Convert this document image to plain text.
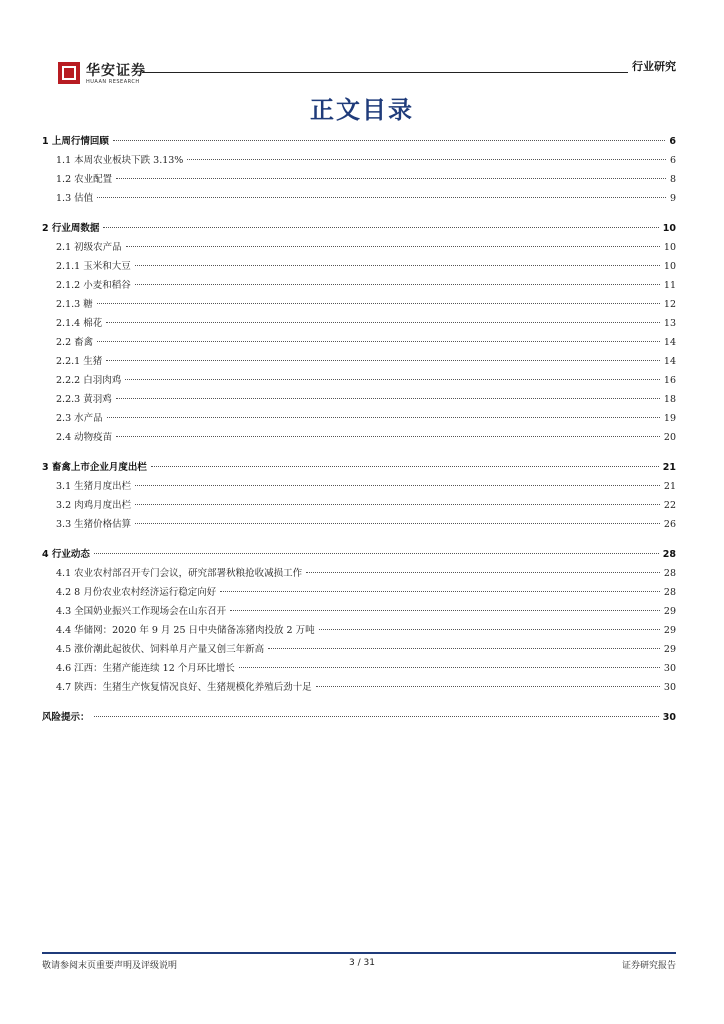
华安证券
HUAAN RESEARCH
行业研究
正文目录
1 上周行情回顾	6
1.1 本周农业板块下跌 3.13%	6
1.2 农业配置	8
1.3 估值	9
2 行业周数据	10
2.1 初级农产品	10
2.1.1 玉米和大豆	10
2.1.2 小麦和稻谷	11
2.1.3 糖	12
2.1.4 棉花	13
2.2 畜禽	14
2.2.1 生猪	14
2.2.2 白羽肉鸡	16
2.2.3 黄羽鸡	18
2.3 水产品	19
2.4 动物疫苗	20
3 畜禽上市企业月度出栏	21
3.1 生猪月度出栏	21
3.2 肉鸡月度出栏	22
3.3 生猪价格估算	26
4 行业动态	28
4.1 农业农村部召开专门会议，研究部署秋粮抢收减损工作	28
4.2 8 月份农业农村经济运行稳定向好	28
4.3 全国奶业振兴工作现场会在山东召开	29
4.4 华储网：2020 年 9 月 25 日中央储备冻猪肉投放 2 万吨	29
4.5 涨价潮此起彼伏、饲料单月产量又创三年新高	29
4.6 江西：生猪产能连续 12 个月环比增长	30
4.7 陕西：生猪生产恢复情况良好、生猪规模化养殖后劲十足	30
风险提示：	30
敬请参阅末页重要声明及评级说明	3 / 31	证券研究报告
